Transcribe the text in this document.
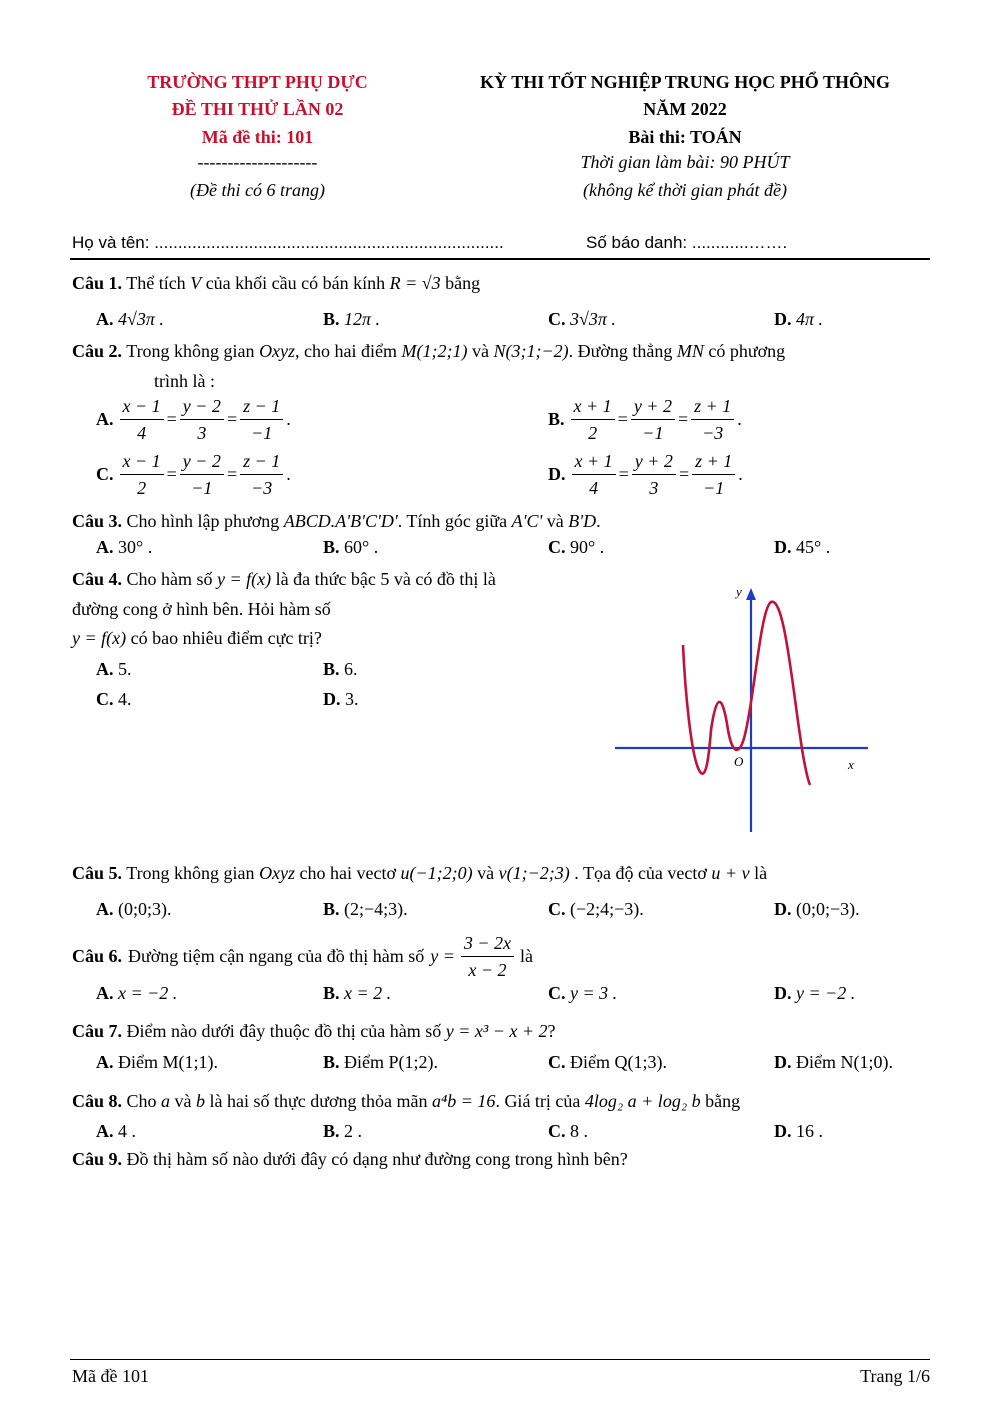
TRƯỜNG THPT PHỤ DỰC
ĐỀ THI THỬ LẦN 02
Mã đề thi: 101
--------------------
(Đề thi có 6 trang)
KỲ THI TỐT NGHIỆP TRUNG HỌC PHỔ THÔNG
NĂM 2022
Bài thi: TOÁN
Thời gian làm bài: 90 PHÚT
(không kể thời gian phát đề)
Họ và tên: ..........................................................................	Số báo danh: ............…….
Câu 1. Thể tích V của khối cầu có bán kính R = √3 bằng
A. 4√3π .	B. 12π .	C. 3√3π .	D. 4π .
Câu 2. Trong không gian Oxyz, cho hai điểm M(1;2;1) và N(3;1;−2). Đường thẳng MN có phương
trình là :
A. $\frac{x - 1}{4} = \frac{y - 2}{3} = \frac{z - 1}{-1}$ .	B. $\frac{x + 1}{2} = \frac{y + 2}{-1} = \frac{z + 1}{-3}$ .
C. $\frac{x - 1}{2} = \frac{y - 2}{-1} = \frac{z - 1}{-3}$ .	D. $\frac{x + 1}{4} = \frac{y + 2}{3} = \frac{z + 1}{-1}$ .
Câu 3. Cho hình lập phương ABCD.A'B'C'D'. Tính góc giữa A'C' và B'D.
A. 30° .	B. 60° .	C. 90° .	D. 45° .
Câu 4. Cho hàm số y = f(x) là đa thức bậc 5 và có đồ thị là
đường cong ở hình bên. Hỏi hàm số
y = f(x) có bao nhiêu điểm cực trị?
A. 5.	B. 6.
C. 4.	D. 3.
y
x
O
Câu 5. Trong không gian Oxyz cho hai vectơ u(−1;2;0) và v(1;−2;3) . Tọa độ của vectơ u + v là
A. (0;0;3).	B. (2;−4;3).	C. (−2;4;−3).	D. (0;0;−3).
Câu 6. Đường tiệm cận ngang của đồ thị hàm số $y = \frac{3 - 2x}{x - 2}$ là
A. x = −2 .	B. x = 2 .	C. y = 3 .	D. y = −2 .
Câu 7. Điểm nào dưới đây thuộc đồ thị của hàm số y = x³ − x + 2?
A. Điểm M(1;1).	B. Điểm P(1;2).	C. Điểm Q(1;3).	D. Điểm N(1;0).
Câu 8. Cho a và b là hai số thực dương thỏa mãn a⁴b = 16. Giá trị của 4log₂ a + log₂ b bằng
A. 4 .	B. 2 .	C. 8 .	D. 16 .
Câu 9. Đồ thị hàm số nào dưới đây có dạng như đường cong trong hình bên?
Mã đề 101	Trang 1/6
